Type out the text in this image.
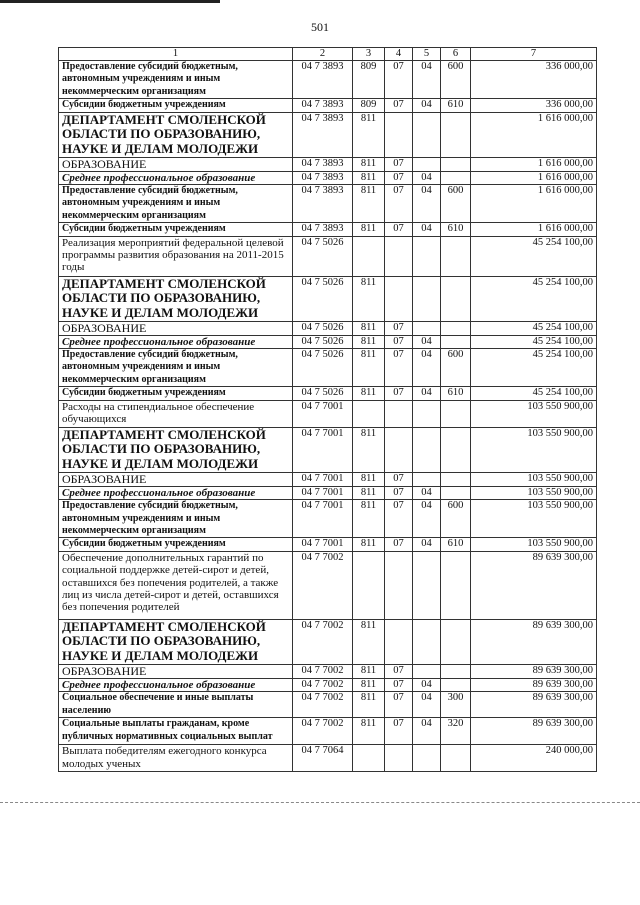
501
1	2	3	4	5	6	7
Предоставление субсидий бюджетным, автономным учреждениям и иным некоммерческим организациям	04 7 3893	809	07	04	600	336 000,00
Субсидии бюджетным учреждениям	04 7 3893	809	07	04	610	336 000,00
ДЕПАРТАМЕНТ СМОЛЕНСКОЙ ОБЛАСТИ ПО ОБРАЗОВАНИЮ, НАУКЕ И ДЕЛАМ МОЛОДЕЖИ	04 7 3893	811				1 616 000,00
ОБРАЗОВАНИЕ	04 7 3893	811	07			1 616 000,00
Среднее профессиональное образование	04 7 3893	811	07	04		1 616 000,00
Предоставление субсидий бюджетным, автономным учреждениям и иным некоммерческим организациям	04 7 3893	811	07	04	600	1 616 000,00
Субсидии бюджетным учреждениям	04 7 3893	811	07	04	610	1 616 000,00
Реализация мероприятий федеральной целевой программы развития образования на 2011-2015 годы	04 7 5026					45 254 100,00
ДЕПАРТАМЕНТ СМОЛЕНСКОЙ ОБЛАСТИ ПО ОБРАЗОВАНИЮ, НАУКЕ И ДЕЛАМ МОЛОДЕЖИ	04 7 5026	811				45 254 100,00
ОБРАЗОВАНИЕ	04 7 5026	811	07			45 254 100,00
Среднее профессиональное образование	04 7 5026	811	07	04		45 254 100,00
Предоставление субсидий бюджетным, автономным учреждениям и иным некоммерческим организациям	04 7 5026	811	07	04	600	45 254 100,00
Субсидии бюджетным учреждениям	04 7 5026	811	07	04	610	45 254 100,00
Расходы на стипендиальное обеспечение обучающихся	04 7 7001					103 550 900,00
ДЕПАРТАМЕНТ СМОЛЕНСКОЙ ОБЛАСТИ ПО ОБРАЗОВАНИЮ, НАУКЕ И ДЕЛАМ МОЛОДЕЖИ	04 7 7001	811				103 550 900,00
ОБРАЗОВАНИЕ	04 7 7001	811	07			103 550 900,00
Среднее профессиональное образование	04 7 7001	811	07	04		103 550 900,00
Предоставление субсидий бюджетным, автономным учреждениям и иным некоммерческим организациям	04 7 7001	811	07	04	600	103 550 900,00
Субсидии бюджетным учреждениям	04 7 7001	811	07	04	610	103 550 900,00
Обеспечение дополнительных гарантий по социальной поддержке детей-сирот и детей, оставшихся без попечения родителей, а также лиц из числа детей-сирот и детей, оставшихся без попечения родителей	04 7 7002					89 639 300,00
ДЕПАРТАМЕНТ СМОЛЕНСКОЙ ОБЛАСТИ ПО ОБРАЗОВАНИЮ, НАУКЕ И ДЕЛАМ МОЛОДЕЖИ	04 7 7002	811				89 639 300,00
ОБРАЗОВАНИЕ	04 7 7002	811	07			89 639 300,00
Среднее профессиональное образование	04 7 7002	811	07	04		89 639 300,00
Социальное обеспечение и иные выплаты населению	04 7 7002	811	07	04	300	89 639 300,00
Социальные выплаты гражданам, кроме публичных нормативных социальных выплат	04 7 7002	811	07	04	320	89 639 300,00
Выплата победителям ежегодного конкурса молодых ученых	04 7 7064					240 000,00
